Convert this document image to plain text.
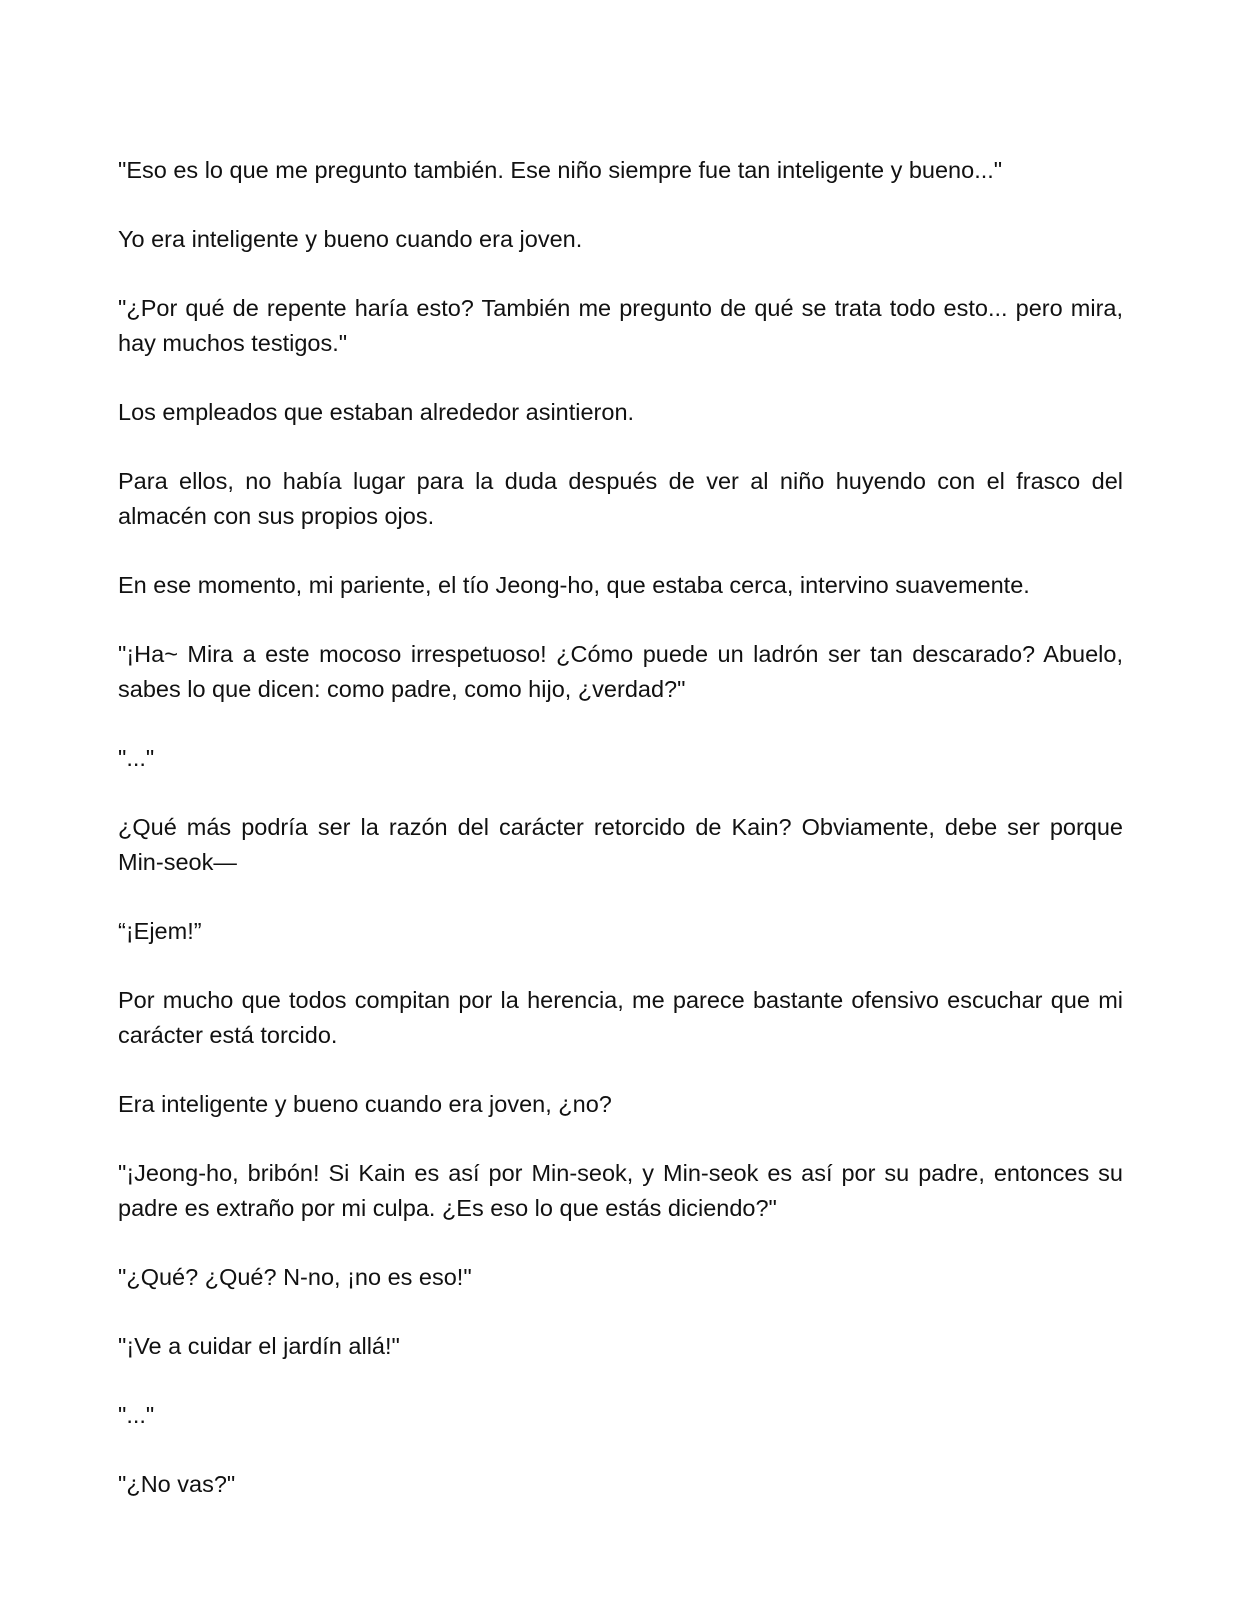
"Eso es lo que me pregunto también. Ese niño siempre fue tan inteligente y bueno..."

Yo era inteligente y bueno cuando era joven.

"¿Por qué de repente haría esto? También me pregunto de qué se trata todo esto... pero mira, hay muchos testigos."

Los empleados que estaban alrededor asintieron.

Para ellos, no había lugar para la duda después de ver al niño huyendo con el frasco del almacén con sus propios ojos.

En ese momento, mi pariente, el tío Jeong-ho, que estaba cerca, intervino suavemente.

"¡Ha~ Mira a este mocoso irrespetuoso! ¿Cómo puede un ladrón ser tan descarado? Abuelo, sabes lo que dicen: como padre, como hijo, ¿verdad?"

"..."

¿Qué más podría ser la razón del carácter retorcido de Kain? Obviamente, debe ser porque Min-seok—

“¡Ejem!”

Por mucho que todos compitan por la herencia, me parece bastante ofensivo escuchar que mi carácter está torcido.

Era inteligente y bueno cuando era joven, ¿no?

"¡Jeong-ho, bribón! Si Kain es así por Min-seok, y Min-seok es así por su padre, entonces su padre es extraño por mi culpa. ¿Es eso lo que estás diciendo?"

"¿Qué? ¿Qué? N-no, ¡no es eso!"

"¡Ve a cuidar el jardín allá!"

"..."

"¿No vas?"
